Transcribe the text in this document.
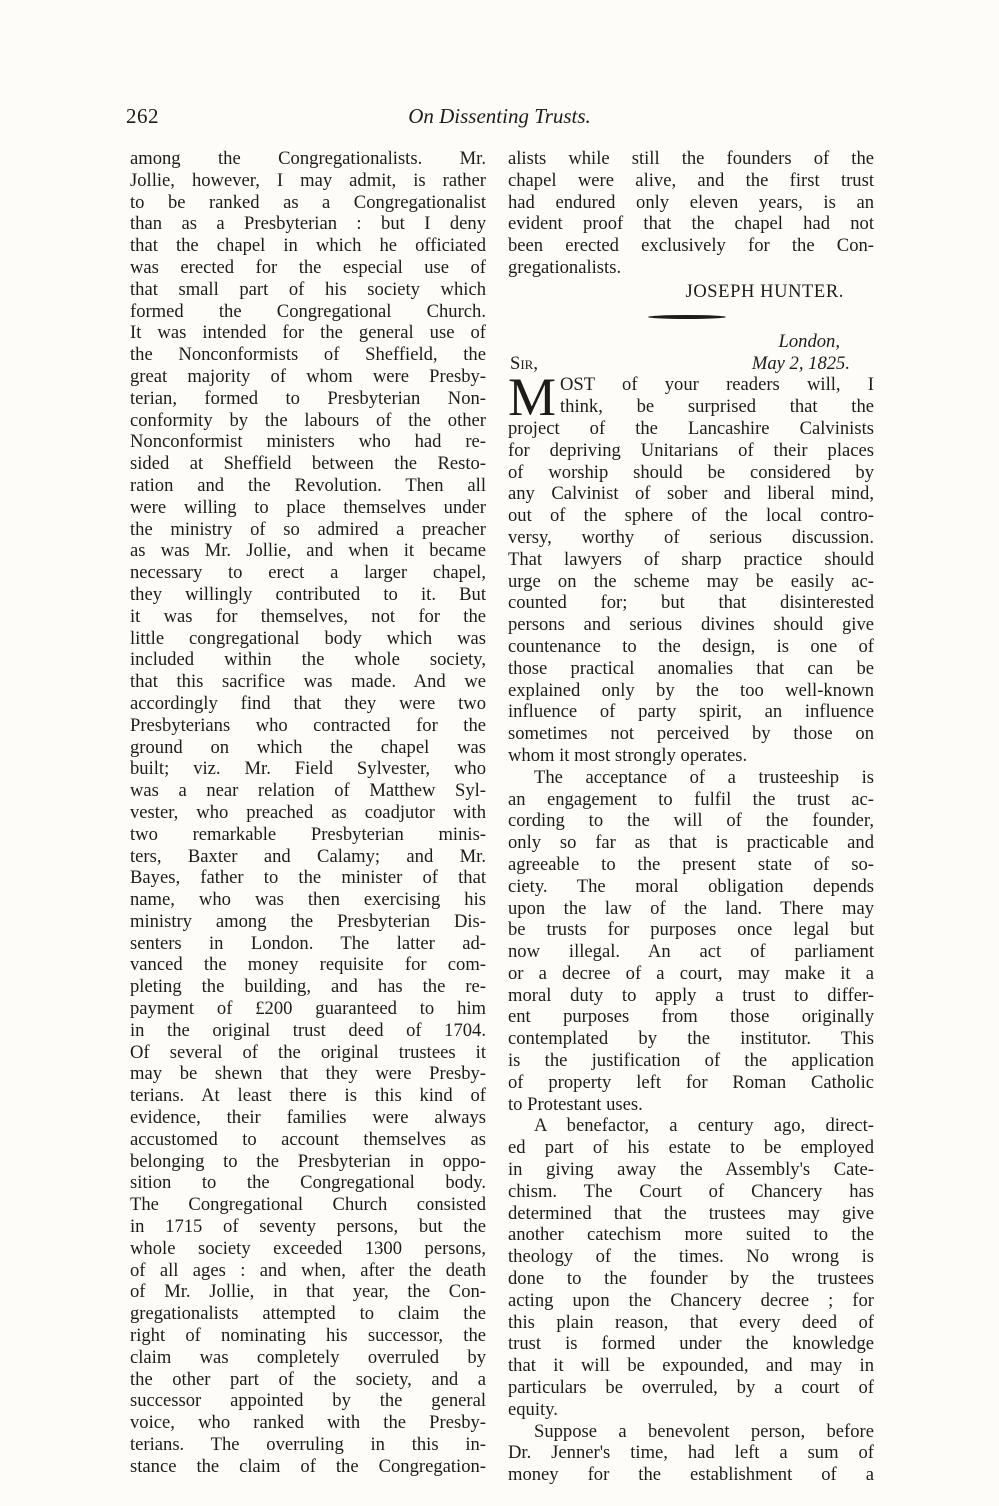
262	On Dissenting Trusts.
among the Congregationalists. Mr.
Jollie, however, I may admit, is rather
to be ranked as a Congregationalist
than as a Presbyterian : but I deny
that the chapel in which he officiated
was erected for the especial use of
that small part of his society which
formed the Congregational Church.
It was intended for the general use of
the Nonconformists of Sheffield, the
great majority of whom were Presby-
terian, formed to Presbyterian Non-
conformity by the labours of the other
Nonconformist ministers who had re-
sided at Sheffield between the Resto-
ration and the Revolution. Then all
were willing to place themselves under
the ministry of so admired a preacher
as was Mr. Jollie, and when it became
necessary to erect a larger chapel,
they willingly contributed to it. But
it was for themselves, not for the
little congregational body which was
included within the whole society,
that this sacrifice was made. And we
accordingly find that they were two
Presbyterians who contracted for the
ground on which the chapel was
built; viz. Mr. Field Sylvester, who
was a near relation of Matthew Syl-
vester, who preached as coadjutor with
two remarkable Presbyterian minis-
ters, Baxter and Calamy; and Mr.
Bayes, father to the minister of that
name, who was then exercising his
ministry among the Presbyterian Dis-
senters in London. The latter ad-
vanced the money requisite for com-
pleting the building, and has the re-
payment of £200 guaranteed to him
in the original trust deed of 1704.
Of several of the original trustees it
may be shewn that they were Presby-
terians. At least there is this kind of
evidence, their families were always
accustomed to account themselves as
belonging to the Presbyterian in oppo-
sition to the Congregational body.
The Congregational Church consisted
in 1715 of seventy persons, but the
whole society exceeded 1300 persons,
of all ages : and when, after the death
of Mr. Jollie, in that year, the Con-
gregationalists attempted to claim the
right of nominating his successor, the
claim was completely overruled by
the other part of the society, and a
successor appointed by the general
voice, who ranked with the Presby-
terians. The overruling in this in-
stance the claim of the Congregation-
alists while still the founders of the
chapel were alive, and the first trust
had endured only eleven years, is an
evident proof that the chapel had not
been erected exclusively for the Con-
gregationalists.
JOSEPH HUNTER.
London,
Sir,	May 2, 1825.
M OST of your readers will, I
think, be surprised that the
project of the Lancashire Calvinists
for depriving Unitarians of their places
of worship should be considered by
any Calvinist of sober and liberal mind,
out of the sphere of the local contro-
versy, worthy of serious discussion.
That lawyers of sharp practice should
urge on the scheme may be easily ac-
counted for; but that disinterested
persons and serious divines should give
countenance to the design, is one of
those practical anomalies that can be
explained only by the too well-known
influence of party spirit, an influence
sometimes not perceived by those on
whom it most strongly operates.
The acceptance of a trusteeship is
an engagement to fulfil the trust ac-
cording to the will of the founder,
only so far as that is practicable and
agreeable to the present state of so-
ciety. The moral obligation depends
upon the law of the land. There may
be trusts for purposes once legal but
now illegal. An act of parliament
or a decree of a court, may make it a
moral duty to apply a trust to differ-
ent purposes from those originally
contemplated by the institutor. This
is the justification of the application
of property left for Roman Catholic
to Protestant uses.
A benefactor, a century ago, direct-
ed part of his estate to be employed
in giving away the Assembly's Cate-
chism. The Court of Chancery has
determined that the trustees may give
another catechism more suited to the
theology of the times. No wrong is
done to the founder by the trustees
acting upon the Chancery decree ; for
this plain reason, that every deed of
trust is formed under the knowledge
that it will be expounded, and may in
particulars be overruled, by a court of
equity.
Suppose a benevolent person, before
Dr. Jenner's time, had left a sum of
money for the establishment of a
